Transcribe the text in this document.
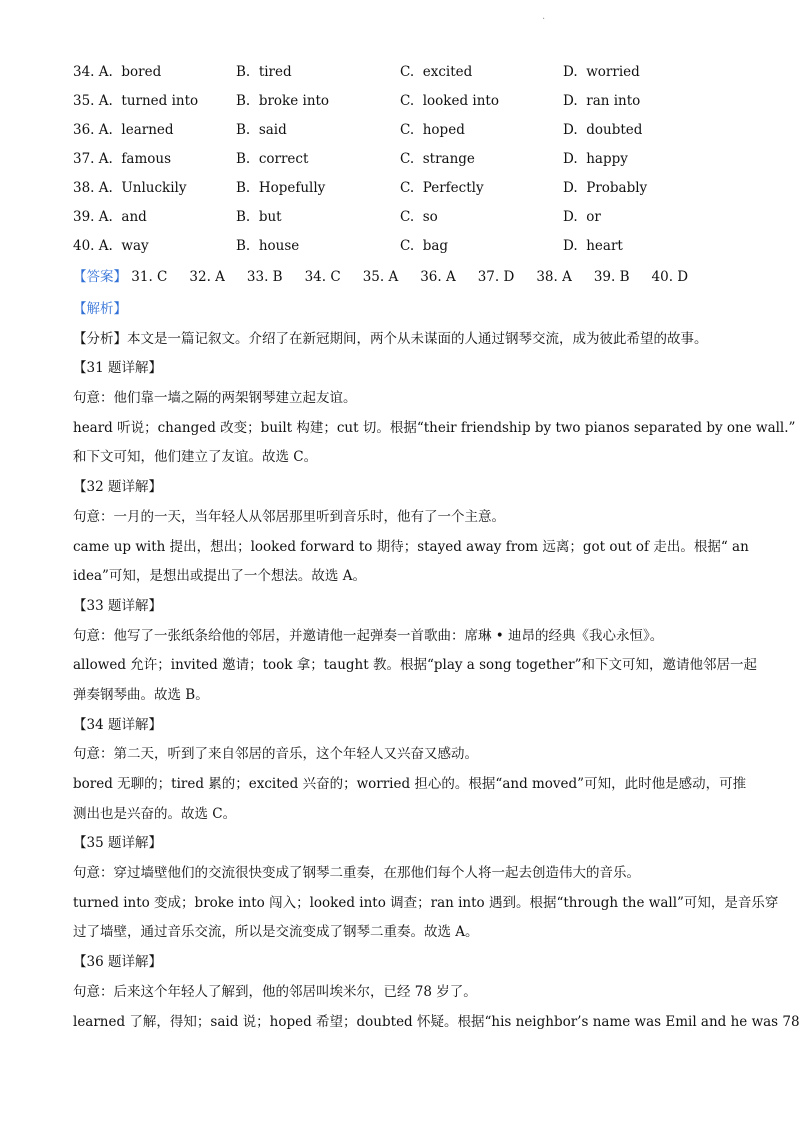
·
34. A. bored	B. tired	C. excited	D. worried
35. A. turned into	B. broke into	C. looked into	D. ran into
36. A. learned	B. said	C. hoped	D. doubted
37. A. famous	B. correct	C. strange	D. happy
38. A. Unluckily	B. Hopefully	C. Perfectly	D. Probably
39. A. and	B. but	C. so	D. or
40. A. way	B. house	C. bag	D. heart
【答案】 31. C 32. A 33. B 34. C 35. A 36. A 37. D 38. A 39. B 40. D
【解析】
【分析】本文是一篇记叙文。介绍了在新冠期间，两个从未谋面的人通过钢琴交流，成为彼此希望的故事。
【31 题详解】
句意：他们靠一墙之隔的两架钢琴建立起友谊。
heard 听说；changed 改变；built 构建；cut 切。根据“their friendship by two pianos separated by one wall.”
和下文可知，他们建立了友谊。故选 C。
【32 题详解】
句意：一月的一天，当年轻人从邻居那里听到音乐时，他有了一个主意。
came up with 提出，想出；looked forward to 期待；stayed away from 远离；got out of 走出。根据“ an
idea”可知，是想出或提出了一个想法。故选 A。
【33 题详解】
句意：他写了一张纸条给他的邻居，并邀请他一起弹奏一首歌曲：席琳 • 迪昂的经典《我心永恒》。
allowed 允许；invited 邀请；took 拿；taught 教。根据“play a song together”和下文可知，邀请他邻居一起
弹奏钢琴曲。故选 B。
【34 题详解】
句意：第二天，听到了来自邻居的音乐，这个年轻人又兴奋又感动。
bored 无聊的；tired 累的；excited 兴奋的；worried 担心的。根据“and moved”可知，此时他是感动，可推
测出也是兴奋的。故选 C。
【35 题详解】
句意：穿过墙壁他们的交流很快变成了钢琴二重奏，在那他们每个人将一起去创造伟大的音乐。
turned into 变成；broke into 闯入；looked into 调查；ran into 遇到。根据“through the wall”可知，是音乐穿
过了墙壁，通过音乐交流，所以是交流变成了钢琴二重奏。故选 A。
【36 题详解】
句意：后来这个年轻人了解到，他的邻居叫埃米尔，已经 78 岁了。
learned 了解，得知；said 说；hoped 希望；doubted 怀疑。根据“his neighbor’s name was Emil and he was 78
